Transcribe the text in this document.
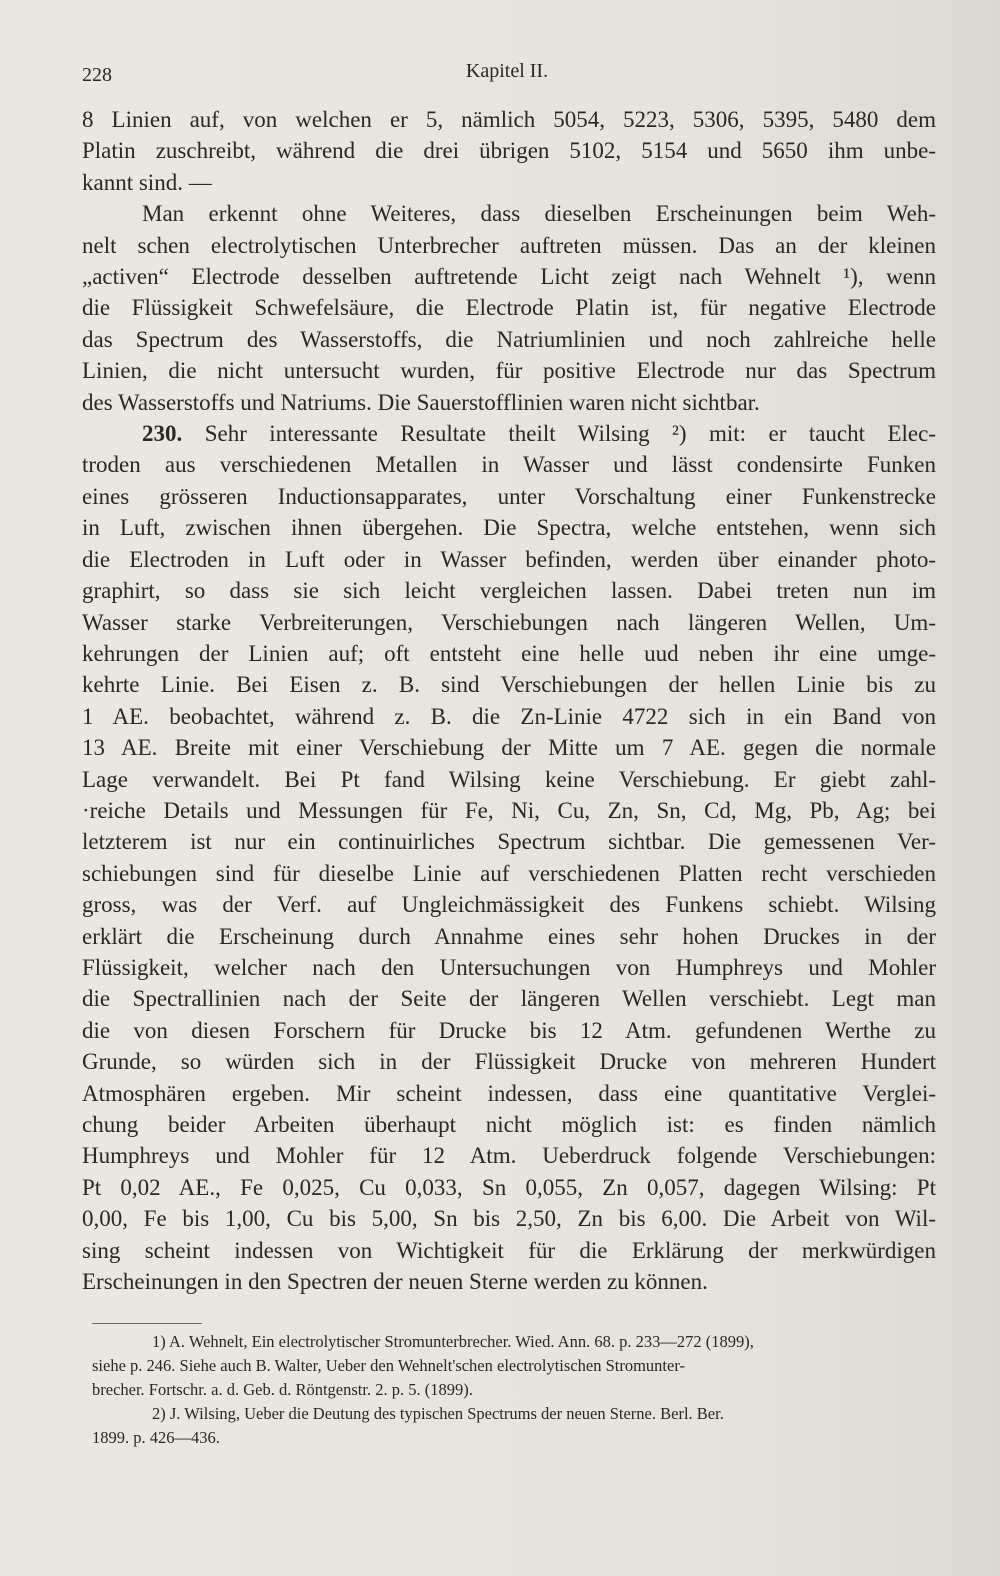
228	Kapitel II.
8 Linien auf, von welchen er 5, nämlich 5054, 5223, 5306, 5395, 5480 dem
Platin zuschreibt, während die drei übrigen 5102, 5154 und 5650 ihm unbe-
kannt sind. —
Man erkennt ohne Weiteres, dass dieselben Erscheinungen beim Weh-
nelt schen electrolytischen Unterbrecher auftreten müssen. Das an der kleinen
„activen“ Electrode desselben auftretende Licht zeigt nach Wehnelt ¹), wenn
die Flüssigkeit Schwefelsäure, die Electrode Platin ist, für negative Electrode
das Spectrum des Wasserstoffs, die Natriumlinien und noch zahlreiche helle
Linien, die nicht untersucht wurden, für positive Electrode nur das Spectrum
des Wasserstoffs und Natriums. Die Sauerstofflinien waren nicht sichtbar.
230. Sehr interessante Resultate theilt Wilsing ²) mit: er taucht Elec-
troden aus verschiedenen Metallen in Wasser und lässt condensirte Funken
eines grösseren Inductionsapparates, unter Vorschaltung einer Funkenstrecke
in Luft, zwischen ihnen übergehen. Die Spectra, welche entstehen, wenn sich
die Electroden in Luft oder in Wasser befinden, werden über einander photo-
graphirt, so dass sie sich leicht vergleichen lassen. Dabei treten nun im
Wasser starke Verbreiterungen, Verschiebungen nach längeren Wellen, Um-
kehrungen der Linien auf; oft entsteht eine helle uud neben ihr eine umge-
kehrte Linie. Bei Eisen z. B. sind Verschiebungen der hellen Linie bis zu
1 AE. beobachtet, während z. B. die Zn-Linie 4722 sich in ein Band von
13 AE. Breite mit einer Verschiebung der Mitte um 7 AE. gegen die normale
Lage verwandelt. Bei Pt fand Wilsing keine Verschiebung. Er giebt zahl-
·reiche Details und Messungen für Fe, Ni, Cu, Zn, Sn, Cd, Mg, Pb, Ag; bei
letzterem ist nur ein continuirliches Spectrum sichtbar. Die gemessenen Ver-
schiebungen sind für dieselbe Linie auf verschiedenen Platten recht verschieden
gross, was der Verf. auf Ungleichmässigkeit des Funkens schiebt. Wilsing
erklärt die Erscheinung durch Annahme eines sehr hohen Druckes in der
Flüssigkeit, welcher nach den Untersuchungen von Humphreys und Mohler
die Spectrallinien nach der Seite der längeren Wellen verschiebt. Legt man
die von diesen Forschern für Drucke bis 12 Atm. gefundenen Werthe zu
Grunde, so würden sich in der Flüssigkeit Drucke von mehreren Hundert
Atmosphären ergeben. Mir scheint indessen, dass eine quantitative Verglei-
chung beider Arbeiten überhaupt nicht möglich ist: es finden nämlich
Humphreys und Mohler für 12 Atm. Ueberdruck folgende Verschiebungen:
Pt 0,02 AE., Fe 0,025, Cu 0,033, Sn 0,055, Zn 0,057, dagegen Wilsing: Pt
0,00, Fe bis 1,00, Cu bis 5,00, Sn bis 2,50, Zn bis 6,00. Die Arbeit von Wil-
sing scheint indessen von Wichtigkeit für die Erklärung der merkwürdigen
Erscheinungen in den Spectren der neuen Sterne werden zu können.
1) A. Wehnelt, Ein electrolytischer Stromunterbrecher. Wied. Ann. 68. p. 233—272 (1899),
siehe p. 246. Siehe auch B. Walter, Ueber den Wehnelt'schen electrolytischen Stromunter-
brecher. Fortschr. a. d. Geb. d. Röntgenstr. 2. p. 5. (1899).
2) J. Wilsing, Ueber die Deutung des typischen Spectrums der neuen Sterne. Berl. Ber.
1899. p. 426—436.
